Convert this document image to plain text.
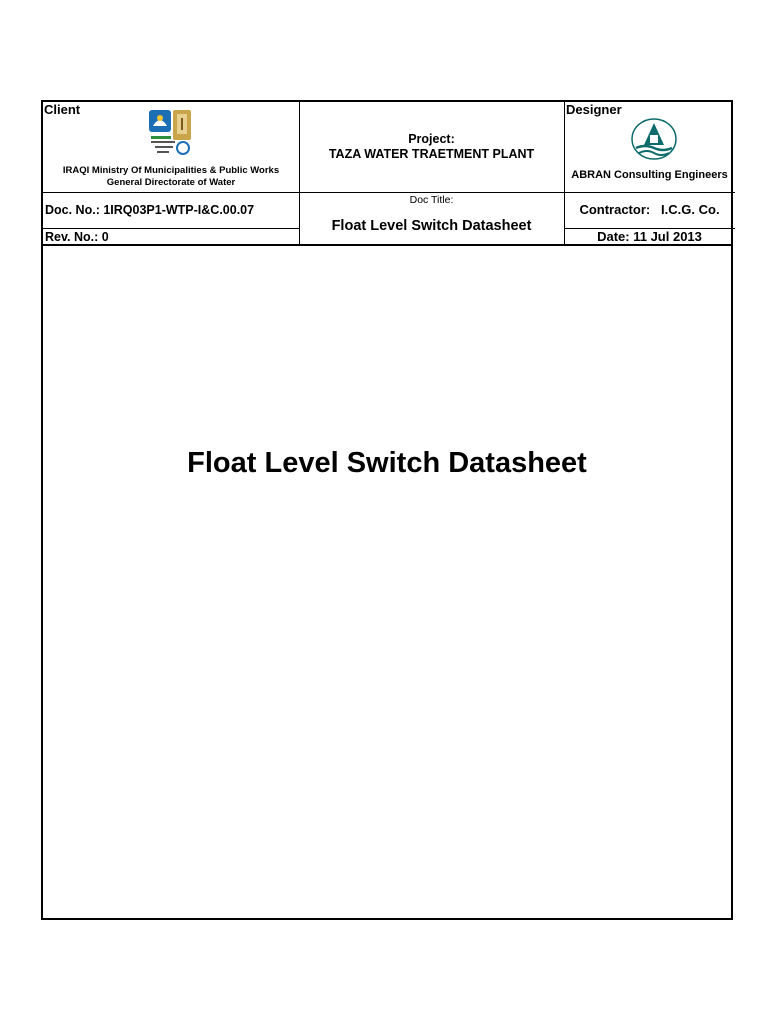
Client
IRAQI Ministry Of Municipalities & Public Works
General Directorate of Water
Project:
TAZA WATER TRAETMENT PLANT
Designer
ABRAN Consulting Engineers
Doc. No.: 1IRQ03P1-WTP-I&C.00.07
Rev. No.: 0
Doc Title:
Float Level Switch Datasheet
Contractor:   I.C.G. Co.
Date: 11 Jul 2013
Float Level Switch Datasheet
